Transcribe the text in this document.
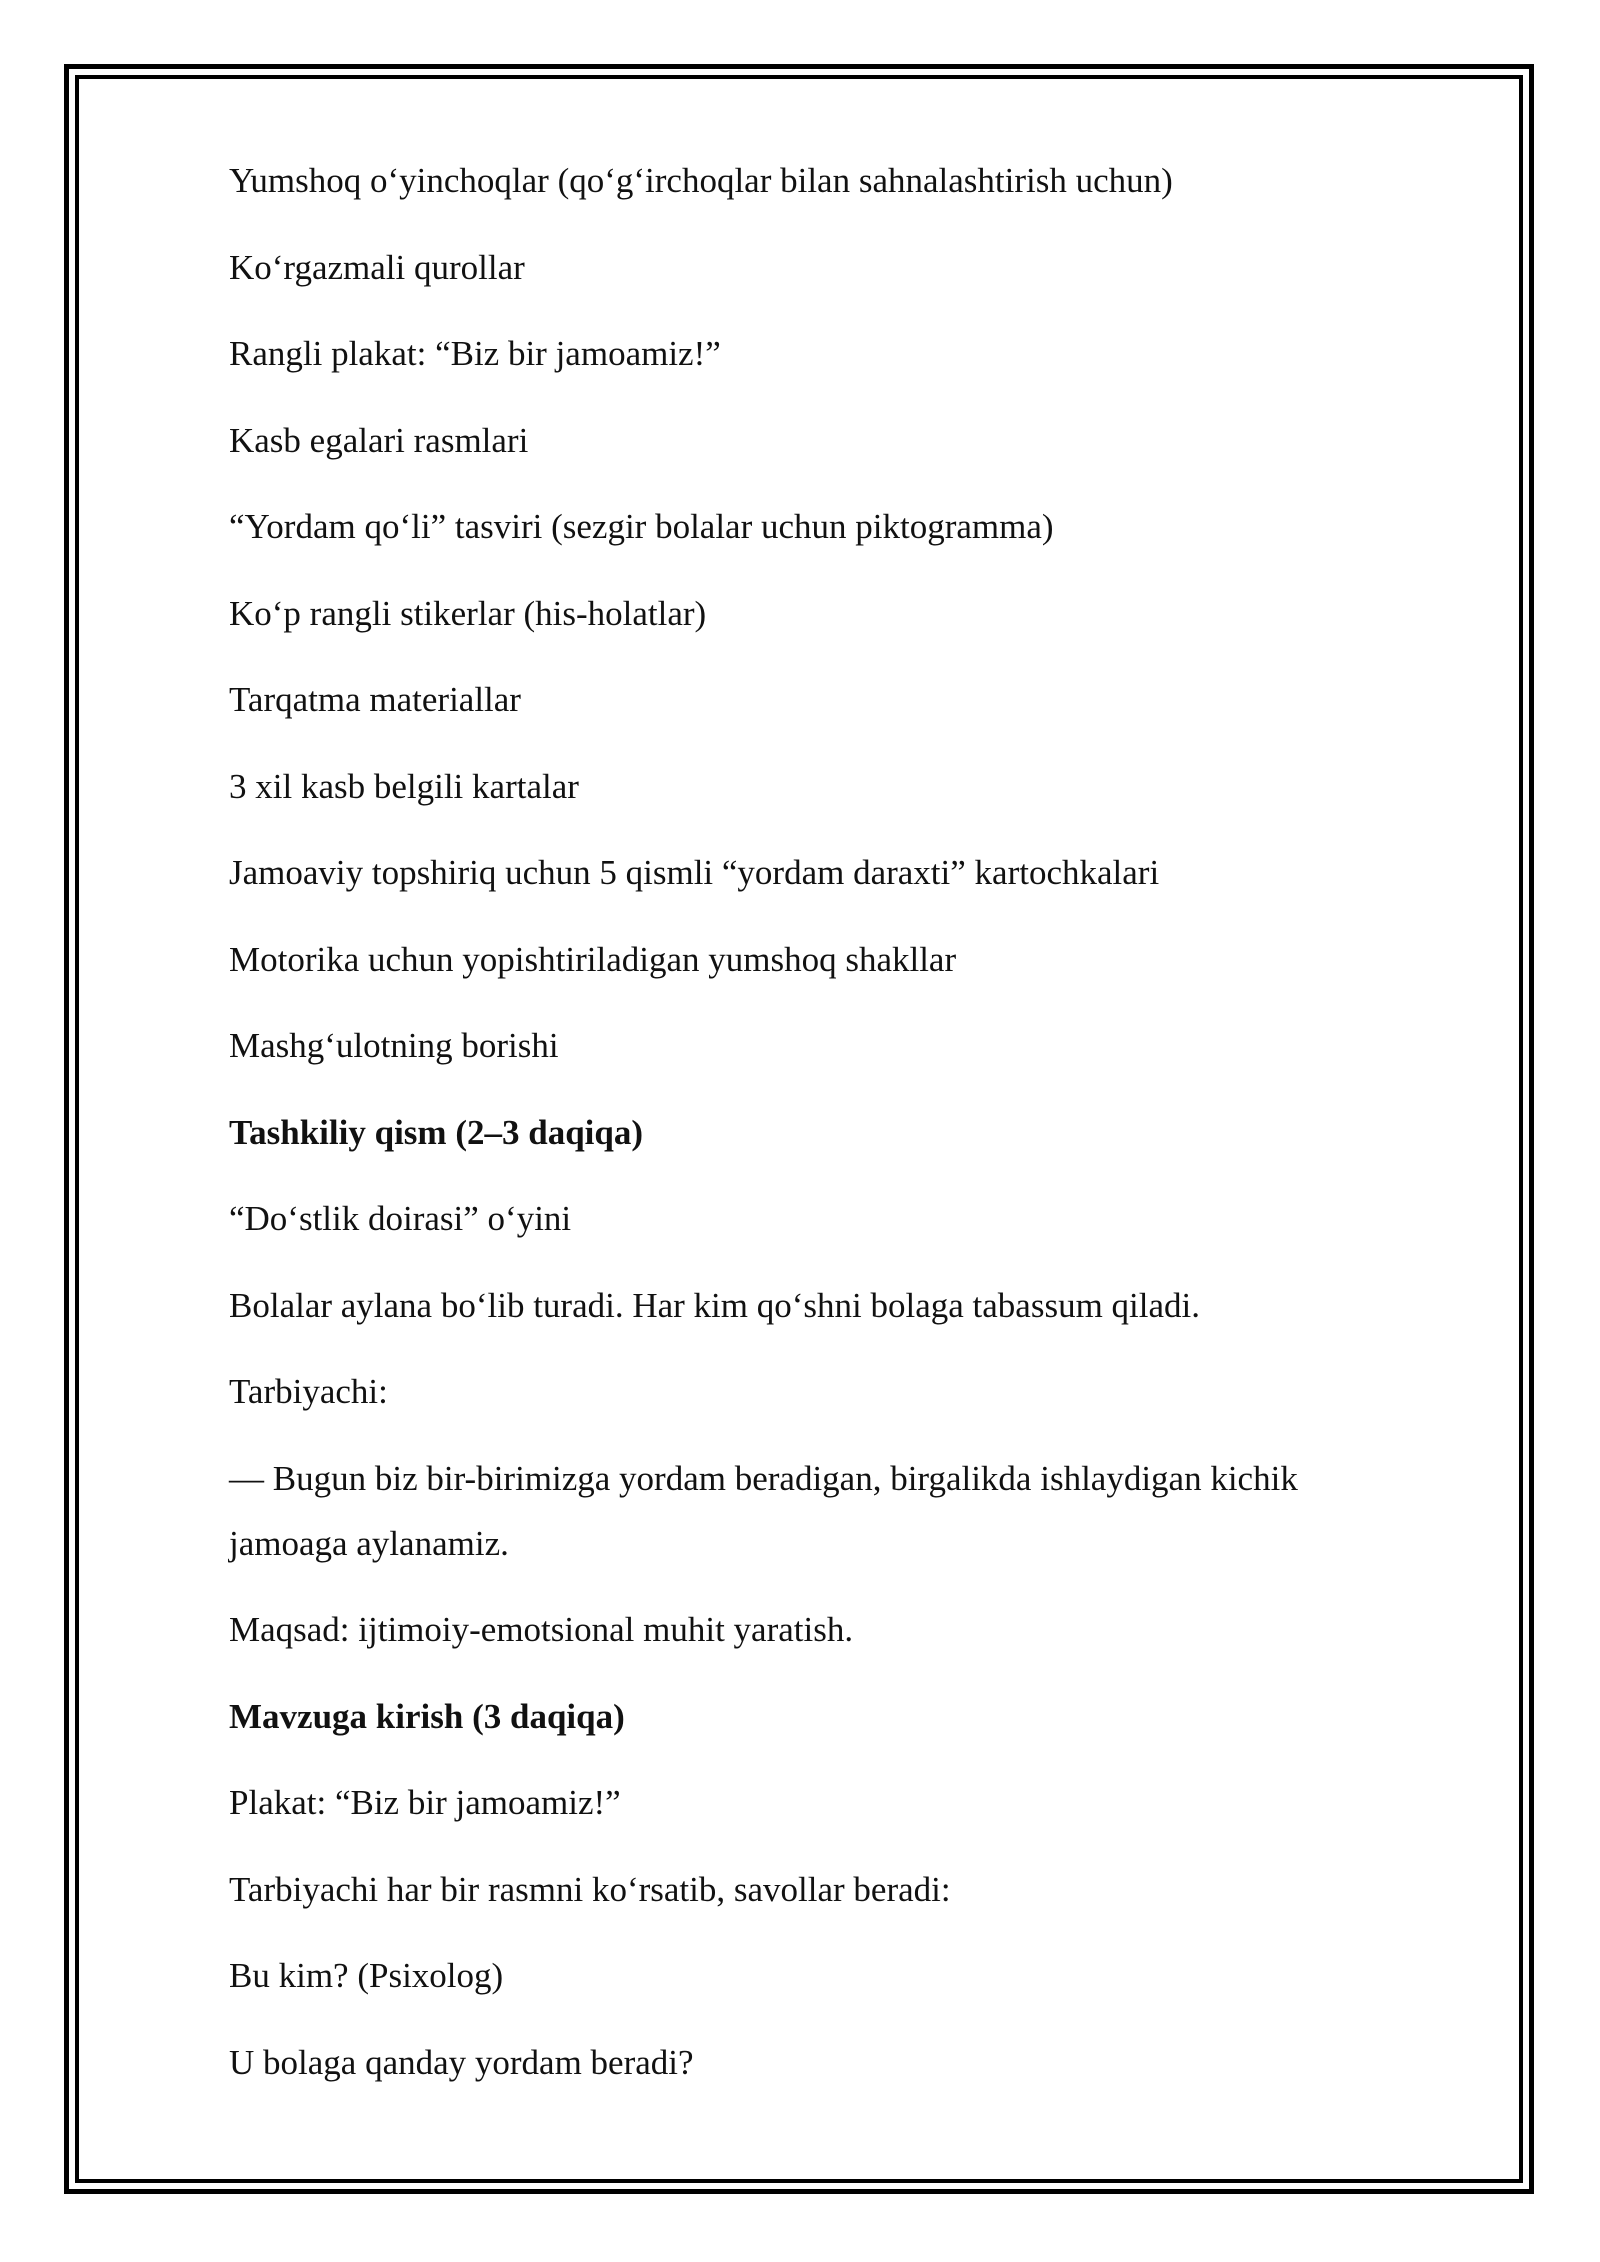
Yumshoq o‘yinchoqlar (qo‘g‘irchoqlar bilan sahnalashtirish uchun)

Ko‘rgazmali qurollar

Rangli plakat: “Biz bir jamoamiz!”

Kasb egalari rasmlari

“Yordam qo‘li” tasviri (sezgir bolalar uchun piktogramma)

Ko‘p rangli stikerlar (his-holatlar)

Tarqatma materiallar

3 xil kasb belgili kartalar

Jamoaviy topshiriq uchun 5 qismli “yordam daraxti” kartochkalari

Motorika uchun yopishtiriladigan yumshoq shakllar

Mashg‘ulotning borishi

Tashkiliy qism (2–3 daqiqa)

“Do‘stlik doirasi” o‘yini

Bolalar aylana bo‘lib turadi. Har kim qo‘shni bolaga tabassum qiladi.

Tarbiyachi:

— Bugun biz bir-birimizga yordam beradigan, birgalikda ishlaydigan kichik jamoaga aylanamiz.

Maqsad: ijtimoiy-emotsional muhit yaratish.

Mavzuga kirish (3 daqiqa)

Plakat: “Biz bir jamoamiz!”

Tarbiyachi har bir rasmni ko‘rsatib, savollar beradi:

Bu kim? (Psixolog)

U bolaga qanday yordam beradi?
